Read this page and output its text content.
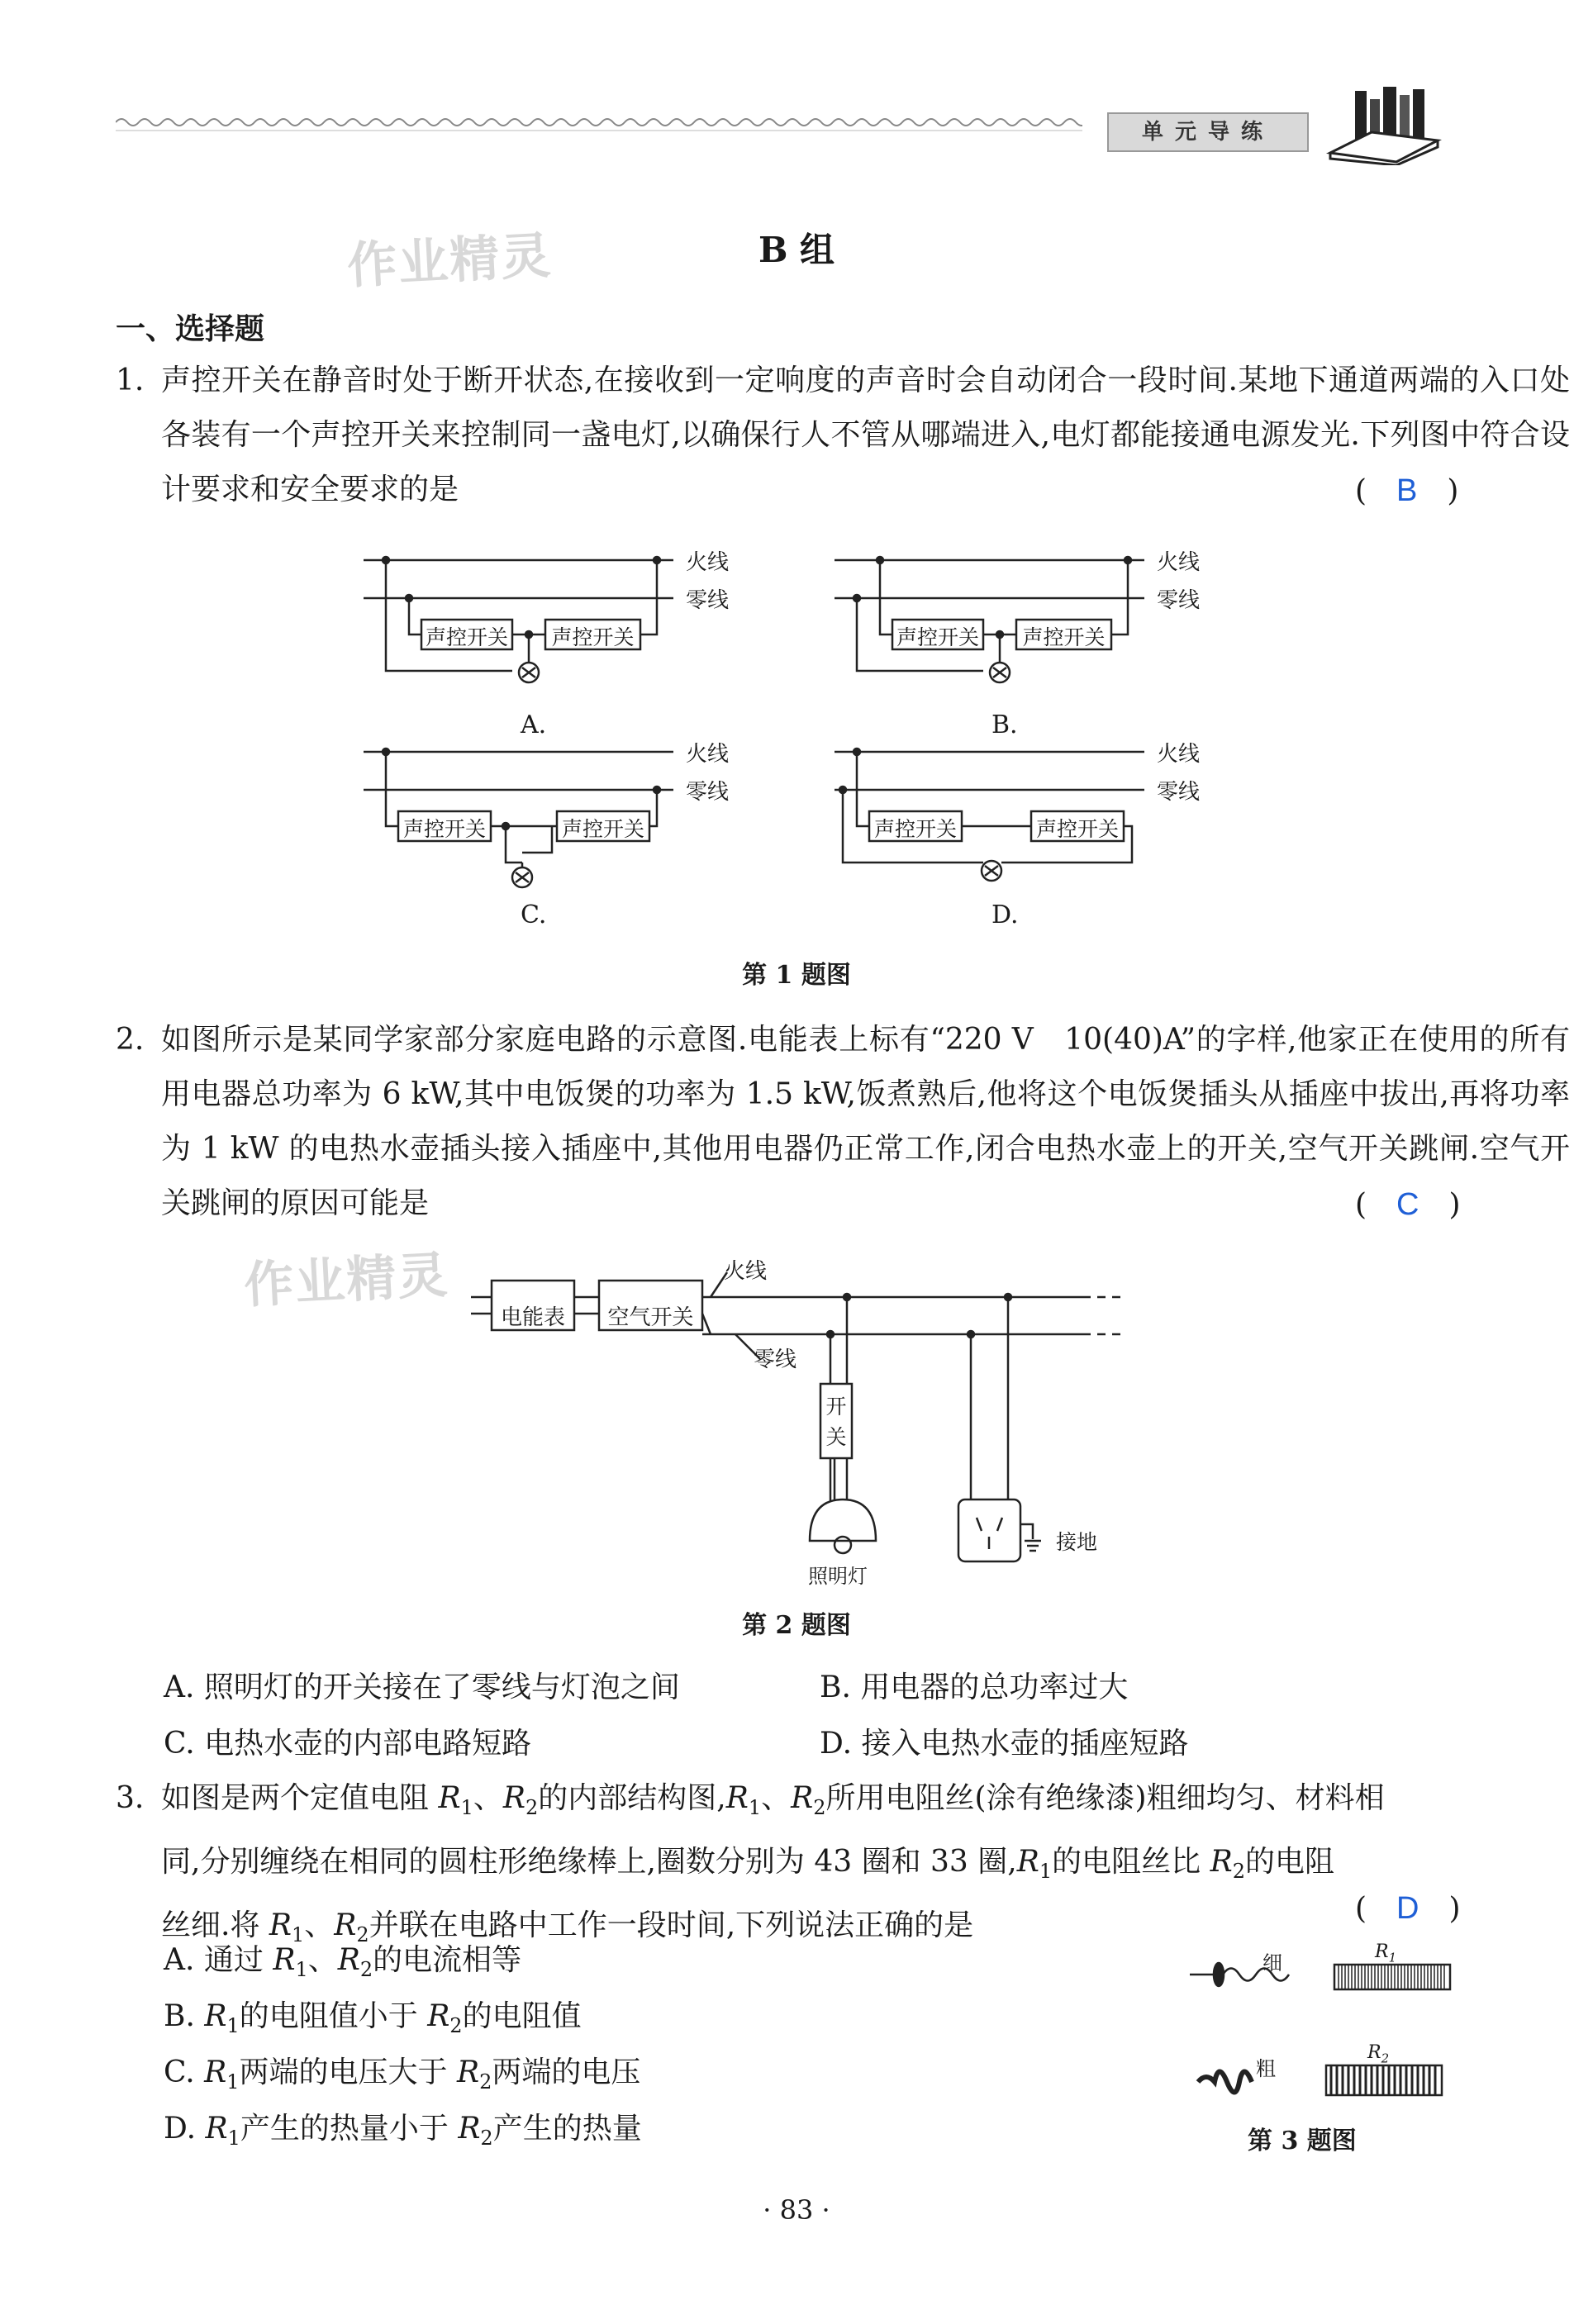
单元导练
作业精灵
作业精灵
B 组
一、选择题
1. 声控开关在静音时处于断开状态,在接收到一定响度的声音时会自动闭合一段时间.某地下通道两端的入口处各装有一个声控开关来控制同一盏电灯,以确保行人不管从哪端进入,电灯都能接通电源发光.下列图中符合设计要求和安全要求的是	(　B　)
火线
零线
火线
零线
火线
零线
火线
零线
声控开关 声控开关	声控开关 声控开关
声控开关	声控开关	声控开关	声控开关
A.	B.
C.	D.
第 1 题图
2. 如图所示是某同学家部分家庭电路的示意图.电能表上标有“220 V　10(40)A”的字样,他家正在使用的所有用电器总功率为 6 kW,其中电饭煲的功率为 1.5 kW,饭煮熟后,他将这个电饭煲插头从插座中拔出,再将功率为 1 kW 的电热水壶插头接入插座中,其他用电器仍正常工作,闭合电热水壶上的开关,空气开关跳闸.空气开关跳闸的原因可能是	(　C　)
电能表	空气开关
火线
零线
开
关
照明灯
接地
第 2 题图
A. 照明灯的开关接在了零线与灯泡之间	B. 用电器的总功率过大
C. 电热水壶的内部电路短路	D. 接入电热水壶的插座短路
3. 如图是两个定值电阻 $R_1$、$R_2$的内部结构图$,R_1$、$R_2$所用电阻丝(涂有绝缘漆)粗细均匀、材料相
同,分别缠绕在相同的圆柱形绝缘棒上,圈数分别为 43 圈和 33 圈$,R_1$的电阻丝比 $R_2$的电阻
丝细.将 $R_1$、$R_2$并联在电路中工作一段时间,下列说法正确的是	(　D　)
A. 通过 $R_1$、$R_2$的电流相等
B. $R_1$的电阻值小于 $R_2$的电阻值
C. $R_1$两端的电压大于 $R_2$两端的电压
D. $R_1$产生的热量小于 $R_2$产生的热量
细	$R_1$
粗
$R_2$
第 3 题图
· 83 ·
